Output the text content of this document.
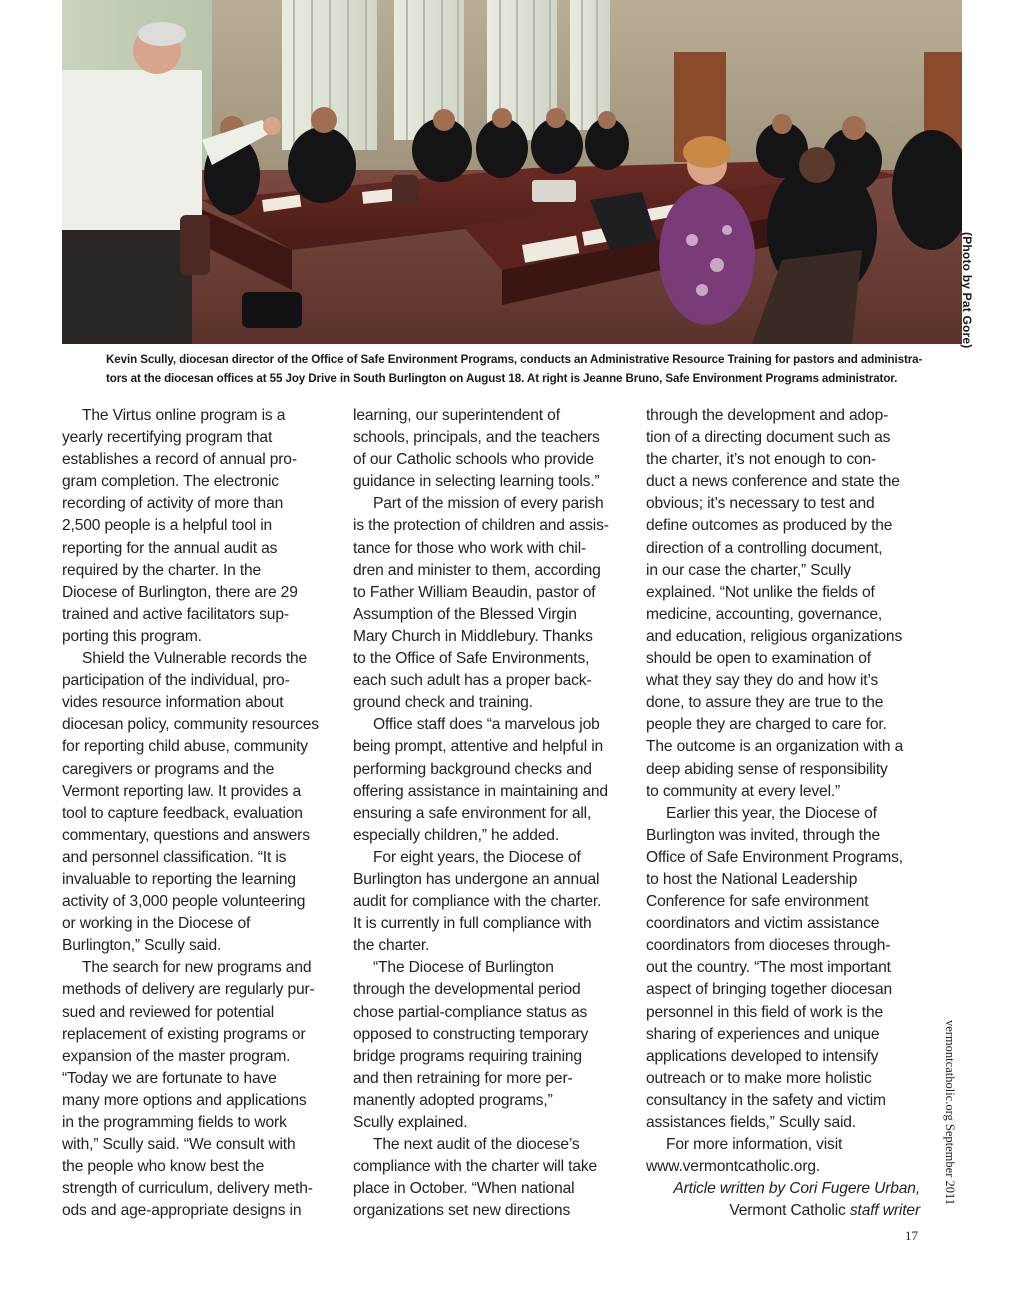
(Photo by Pat Gore)
Kevin Scully, diocesan director of the Office of Safe Environment Programs, conducts an Administrative Resource Training for pastors and administra-
tors at the diocesan offices at 55 Joy Drive in South Burlington on August 18. At right is Jeanne Bruno, Safe Environment Programs administrator.
The Virtus online program is a
yearly recertifying program that
establishes a record of annual pro-
gram completion. The electronic
recording of activity of more than
2,500 people is a helpful tool in
reporting for the annual audit as
required by the charter. In the
Diocese of Burlington, there are 29
trained and active facilitators sup-
porting this program.
Shield the Vulnerable records the
participation of the individual, pro-
vides resource information about
diocesan policy, community resources
for reporting child abuse, community
caregivers or programs and the
Vermont reporting law. It provides a
tool to capture feedback, evaluation
commentary, questions and answers
and personnel classification. “It is
invaluable to reporting the learning
activity of 3,000 people volunteering
or working in the Diocese of
Burlington,” Scully said.
The search for new programs and
methods of delivery are regularly pur-
sued and reviewed for potential
replacement of existing programs or
expansion of the master program.
“Today we are fortunate to have
many more options and applications
in the programming fields to work
with,” Scully said. “We consult with
the people who know best the
strength of curriculum, delivery meth-
ods and age-appropriate designs in
learning, our superintendent of
schools, principals, and the teachers
of our Catholic schools who provide
guidance in selecting learning tools.”
Part of the mission of every parish
is the protection of children and assis-
tance for those who work with chil-
dren and minister to them, according
to Father William Beaudin, pastor of
Assumption of the Blessed Virgin
Mary Church in Middlebury. Thanks
to the Office of Safe Environments,
each such adult has a proper back-
ground check and training.
Office staff does “a marvelous job
being prompt, attentive and helpful in
performing background checks and
offering assistance in maintaining and
ensuring a safe environment for all,
especially children,” he added.
For eight years, the Diocese of
Burlington has undergone an annual
audit for compliance with the charter.
It is currently in full compliance with
the charter.
“The Diocese of Burlington
through the developmental period
chose partial-compliance status as
opposed to constructing temporary
bridge programs requiring training
and then retraining for more per-
manently adopted programs,”
Scully explained.
The next audit of the diocese’s
compliance with the charter will take
place in October. “When national
organizations set new directions
through the development and adop-
tion of a directing document such as
the charter, it’s not enough to con-
duct a news conference and state the
obvious; it’s necessary to test and
define outcomes as produced by the
direction of a controlling document,
in our case the charter,” Scully
explained. “Not unlike the fields of
medicine, accounting, governance,
and education, religious organizations
should be open to examination of
what they say they do and how it’s
done, to assure they are true to the
people they are charged to care for.
The outcome is an organization with a
deep abiding sense of responsibility
to community at every level.”
Earlier this year, the Diocese of
Burlington was invited, through the
Office of Safe Environment Programs,
to host the National Leadership
Conference for safe environment
coordinators and victim assistance
coordinators from dioceses through-
out the country. “The most important
aspect of bringing together diocesan
personnel in this field of work is the
sharing of experiences and unique
applications developed to intensify
outreach or to make more holistic
consultancy in the safety and victim
assistances fields,” Scully said.
For more information, visit
www.vermontcatholic.org.
Article written by Cori Fugere Urban,
Vermont Catholic staff writer
vermontcatholic.org September 2011
17
